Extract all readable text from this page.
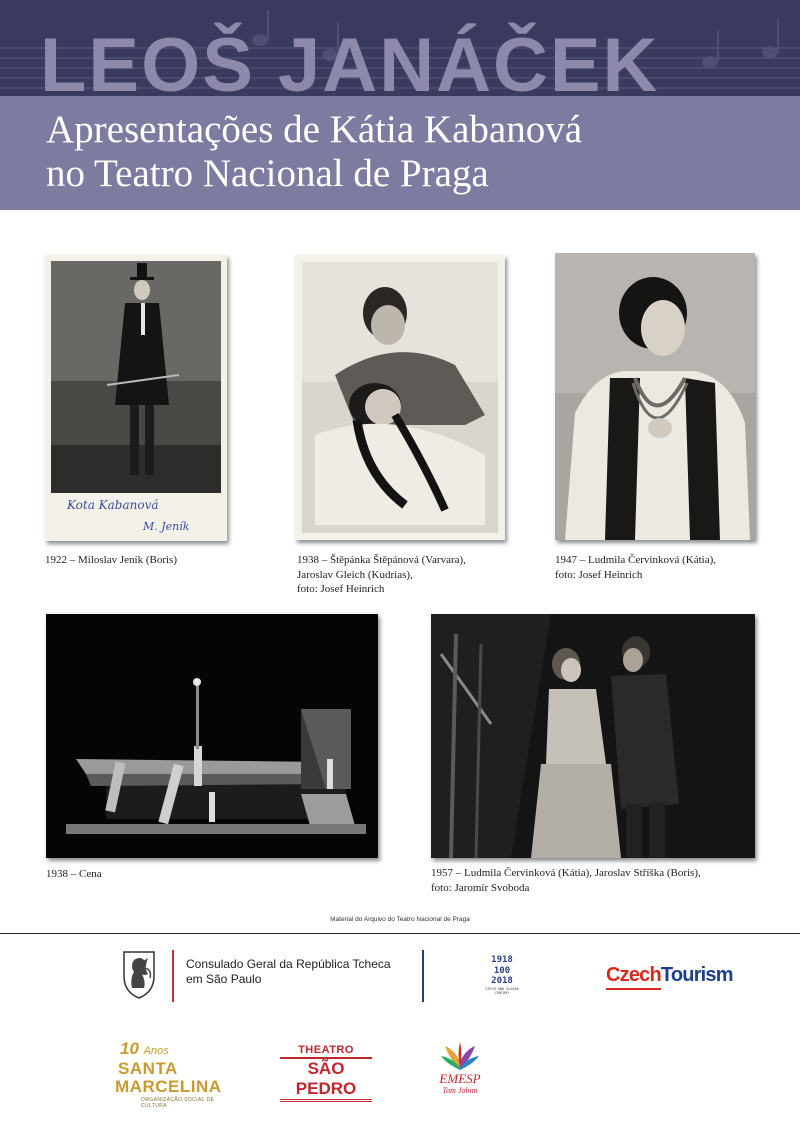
LEOŠ JANÁČEK
Apresentações de Kátia Kabanová
no Teatro Nacional de Praga
Kota Kabanová
M. Jeník
1922 – Miloslav Jeník (Boris)	1938 – Štěpánka Štěpánová (Varvara),
Jaroslav Gleich (Kudrias),
foto: Josef Heinrich
1947 – Ludmila Červinková (Kátia),
foto: Josef Heinrich
1938 – Cena	1957 – Ludmila Červinková (Kátia), Jaroslav Stříška (Boris),
foto: Jaromír Svoboda
Material do Arquivo do Teatro Nacional de Praga
Consulado Geral da República Tcheca
em São Paulo
1918
100
2018
CZECH AND SLOVAK CENTURY
CzechTourism
10 Anos
SANTA
MARCELINA
ORGANIZAÇÃO SOCIAL DE CULTURA
THEATRO
SÃO PEDRO
EMESP
Tom Jobim
